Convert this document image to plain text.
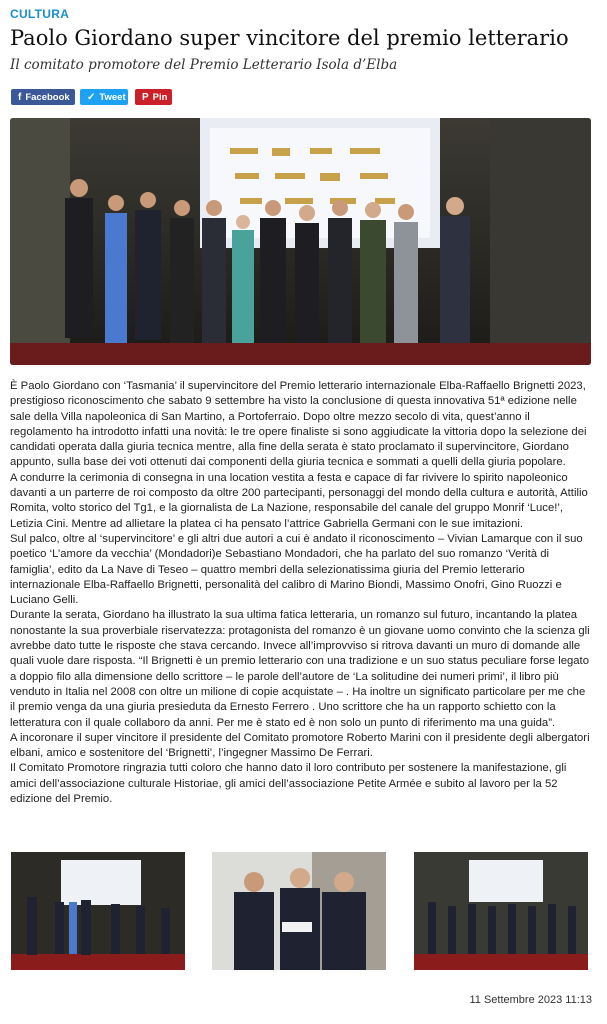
CULTURA
Paolo Giordano super vincitore del premio letterario
Il comitato promotore del Premio Letterario Isola d’Elba
f Facebook ✓ Tweet P Pin

È Paolo Giordano con ‘Tasmania’ il supervincitore del Premio letterario internazionale Elba-Raffaello Brignetti 2023, prestigioso riconoscimento che sabato 9 settembre ha visto la conclusione di questa innovativa 51ª edizione nelle sale della Villa napoleonica di San Martino, a Portoferraio. Dopo oltre mezzo secolo di vita, quest’anno il regolamento ha introdotto infatti una novità: le tre opere finaliste si sono aggiudicate la vittoria dopo la selezione dei candidati operata dalla giuria tecnica mentre, alla fine della serata è stato proclamato il supervincitore, Giordano appunto, sulla base dei voti ottenuti dai componenti della giuria tecnica e sommati a quelli della giuria popolare.

A condurre la cerimonia di consegna in una location vestita a festa e capace di far rivivere lo spirito napoleonico davanti a un parterre de roi composto da oltre 200 partecipanti, personaggi del mondo della cultura e autorità, Attilio Romita, volto storico del Tg1, e la giornalista de La Nazione, responsabile del canale del gruppo Monrif ‘Luce!’, Letizia Cini. Mentre ad allietare la platea ci ha pensato l’attrice Gabriella Germani con le sue imitazioni.

Sul palco, oltre al ‘supervincitore’ e gli altri due autori a cui è andato il riconoscimento – Vivian Lamarque con il suo poetico ‘L’amore da vecchia’ (Mondadori)e Sebastiano Mondadori, che ha parlato del suo romanzo ‘Verità di famiglia’, edito da La Nave di Teseo – quattro membri della selezionatissima giuria del Premio letterario internazionale Elba-Raffaello Brignetti, personalità del calibro di Marino Biondi, Massimo Onofri, Gino Ruozzi e Luciano Gelli.

Durante la serata, Giordano ha illustrato la sua ultima fatica letteraria, un romanzo sul futuro, incantando la platea nonostante la sua proverbiale riservatezza: protagonista del romanzo è un giovane uomo convinto che la scienza gli avrebbe dato tutte le risposte che stava cercando. Invece all’improvviso si ritrova davanti un muro di domande alle quali vuole dare risposta. “Il Brignetti è un premio letterario con una tradizione e un suo status peculiare forse legato a doppio filo alla dimensione dello scrittore – le parole dell’autore de ‘La solitudine dei numeri primi’, il libro più venduto in Italia nel 2008 con oltre un milione di copie acquistate – . Ha inoltre un significato particolare per me che il premio venga da una giuria presieduta da Ernesto Ferrero . Uno scrittore che ha un rapporto schietto con la letteratura con il quale collaboro da anni. Per me è stato ed è non solo un punto di riferimento ma una guida”.

A incoronare il super vincitore il presidente del Comitato promotore Roberto Marini con il presidente degli albergatori elbani, amico e sostenitore del ‘Brignetti’, l’ingegner Massimo De Ferrari.

Il Comitato Promotore ringrazia tutti coloro che hanno dato il loro contributo per sostenere la manifestazione, gli amici dell’associazione culturale Historiae, gli amici dell’associazione Petite Armée e subito al lavoro per la 52 edizione del Premio.

11 Settembre 2023 11:13
